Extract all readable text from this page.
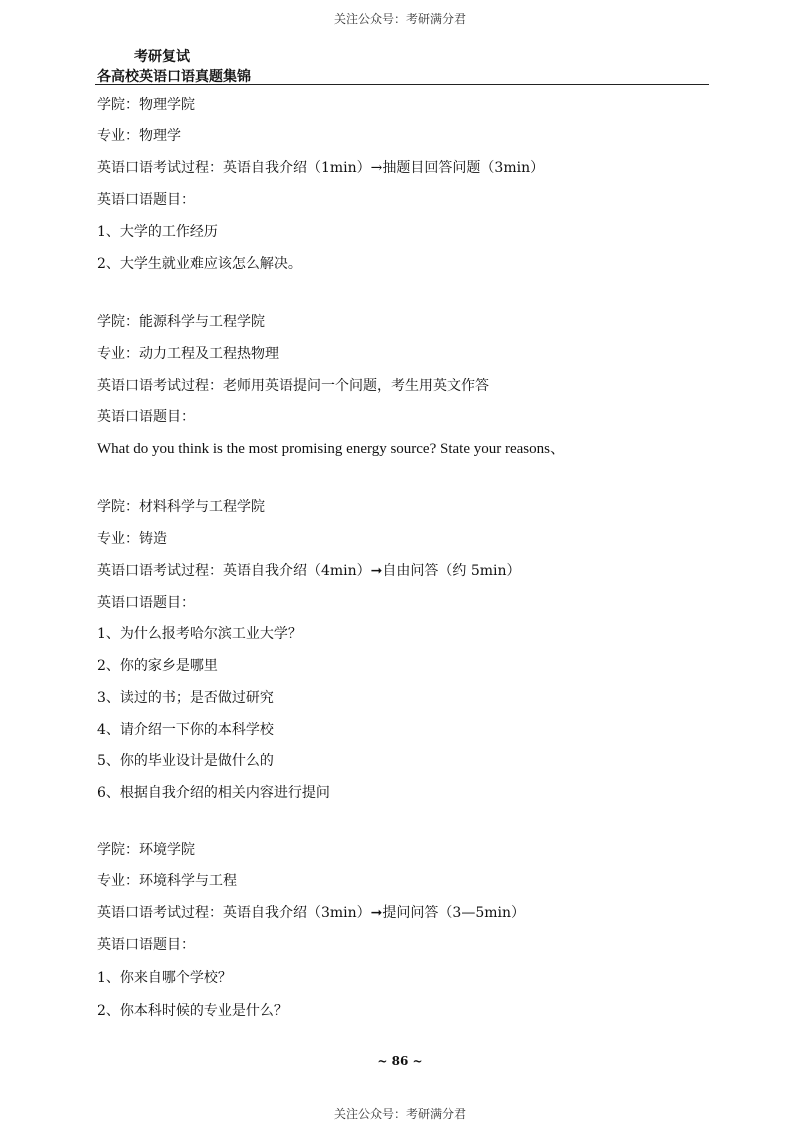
关注公众号：考研满分君
考研复试
各高校英语口语真题集锦
学院：物理学院
专业：物理学
英语口语考试过程：英语自我介绍（1min）→抽题目回答问题（3min）
英语口语题目：
1、大学的工作经历
2、大学生就业难应该怎么解决。
学院：能源科学与工程学院
专业：动力工程及工程热物理
英语口语考试过程：老师用英语提问一个问题，考生用英文作答
英语口语题目：
What do you think is the most promising energy source? State your reasons、
学院：材料科学与工程学院
专业：铸造
英语口语考试过程：英语自我介绍（4min）➞自由问答（约 5min）
英语口语题目：
1、为什么报考哈尔滨工业大学？
2、你的家乡是哪里
3、读过的书；是否做过研究
4、请介绍一下你的本科学校
5、你的毕业设计是做什么的
6、根据自我介绍的相关内容进行提问
学院：环境学院
专业：环境科学与工程
英语口语考试过程：英语自我介绍（3min）➞提问问答（3—5min）
英语口语题目：
1、你来自哪个学校？
2、你本科时候的专业是什么？
~ 86 ~
关注公众号：考研满分君
